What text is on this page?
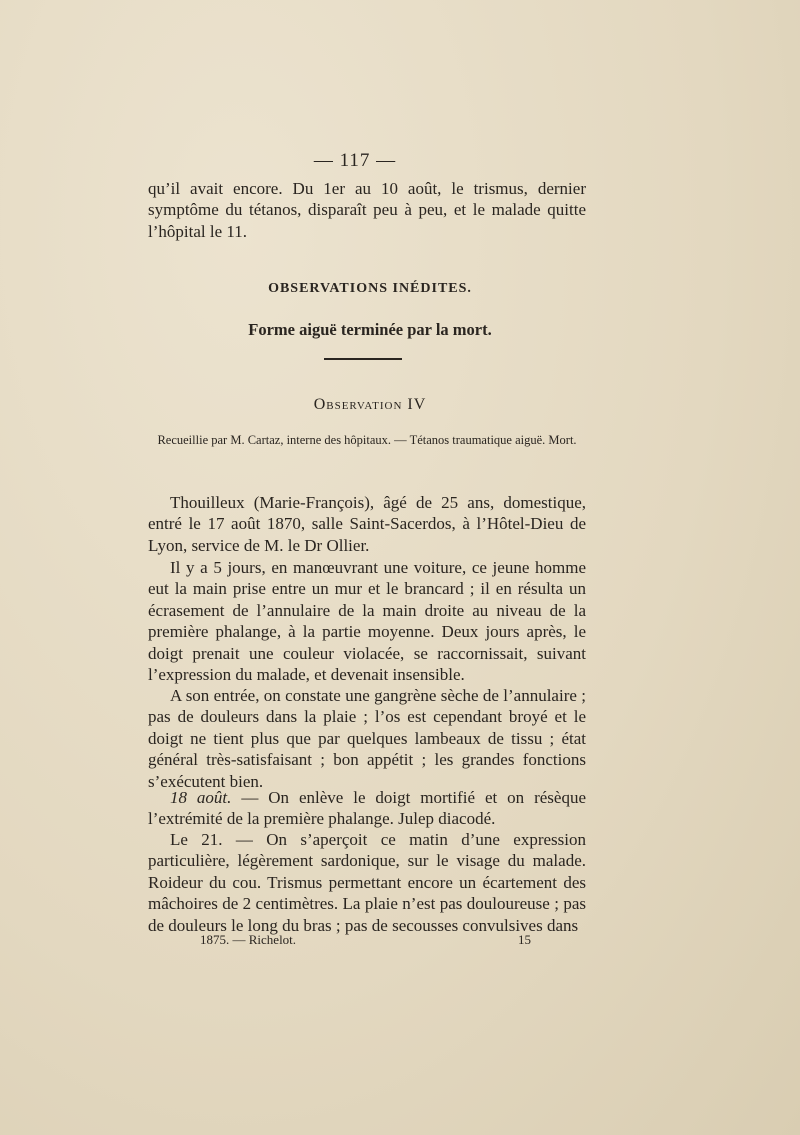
— 117 —

qu’il avait encore. Du 1er au 10 août, le trismus, dernier symptôme du tétanos, disparaît peu à peu, et le malade quitte l’hôpital le 11.

OBSERVATIONS INÉDITES.
Forme aiguë terminée par la mort.
Observation IV
Recueillie par M. Cartaz, interne des hôpitaux. — Tétanos traumatique aiguë. Mort.

Thouilleux (Marie-François), âgé de 25 ans, domestique, entré le 17 août 1870, salle Saint-Sacerdos, à l’Hôtel-Dieu de Lyon, service de M. le Dr Ollier.

Il y a 5 jours, en manœuvrant une voiture, ce jeune homme eut la main prise entre un mur et le brancard ; il en résulta un écrasement de l’annulaire de la main droite au niveau de la première phalange, à la partie moyenne. Deux jours après, le doigt prenait une couleur violacée, se raccornissait, suivant l’expression du malade, et devenait insensible.

A son entrée, on constate une gangrène sèche de l’annulaire ; pas de douleurs dans la plaie ; l’os est cependant broyé et le doigt ne tient plus que par quelques lambeaux de tissu ; état général très-satisfaisant ; bon appétit ; les grandes fonctions s’exécutent bien.

18 août. — On enlève le doigt mortifié et on résèque l’extrémité de la première phalange. Julep diacodé.

Le 21. — On s’aperçoit ce matin d’une expression particulière, légèrement sardonique, sur le visage du malade. Roideur du cou. Trismus permettant encore un écartement des mâchoires de 2 centimètres. La plaie n’est pas douloureuse ; pas de douleurs le long du bras ; pas de secousses convulsives dans

1875. — Richelot.	15
